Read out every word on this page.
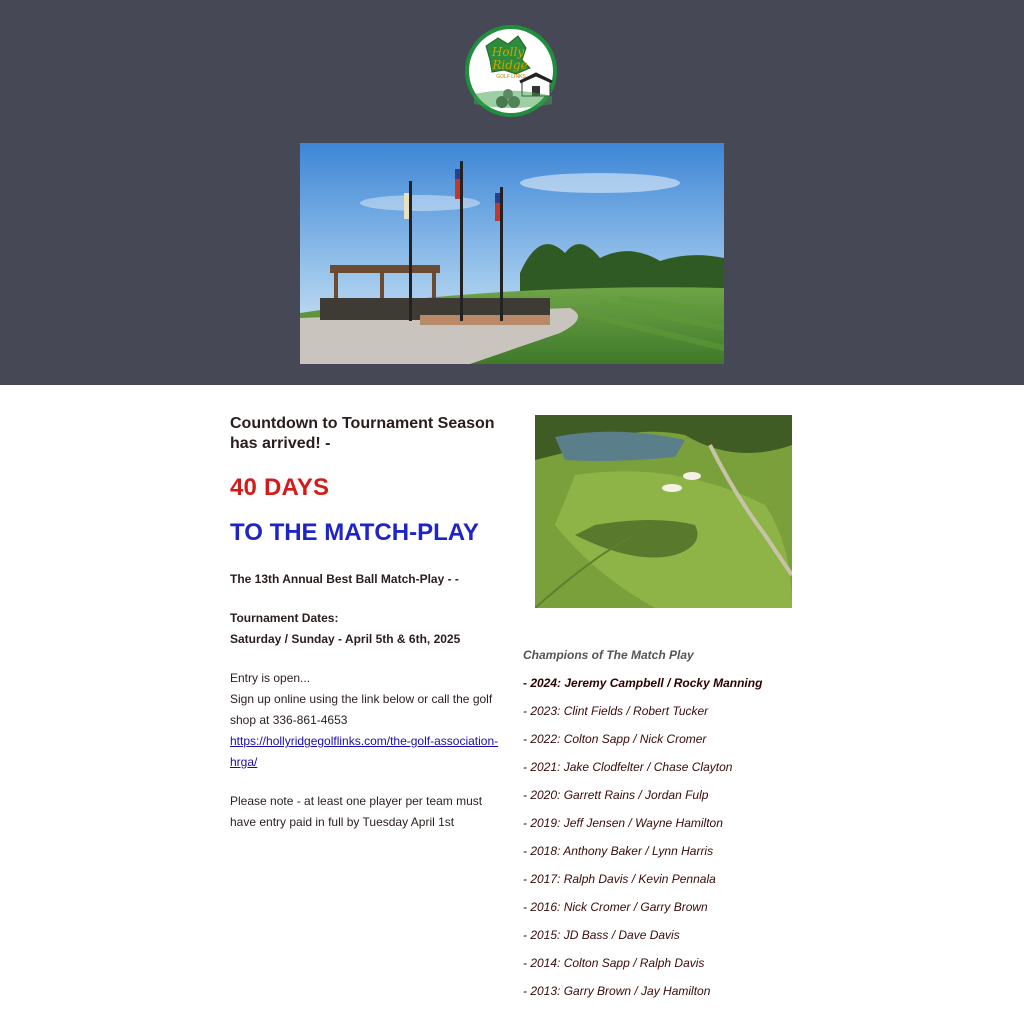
Holly
Ridge
GOLF LINKS

Countdown to Tournament Season has arrived! -

40 DAYS

TO THE MATCH-PLAY

The 13th Annual Best Ball Match-Play - -

Tournament Dates:

Saturday / Sunday - April 5th & 6th, 2025

Entry is open...

Sign up online using the link below or call the golf shop at 336-861-4653

https://hollyridgegolflinks.com/the-golf-association-hrga/

Please note - at least one player per team must have entry paid in full by Tuesday April 1st

Champions of The Match Play

- 2024: Jeremy Campbell / Rocky Manning

- 2023: Clint Fields / Robert Tucker

- 2022: Colton Sapp / Nick Cromer

- 2021: Jake Clodfelter / Chase Clayton

- 2020: Garrett Rains / Jordan Fulp

- 2019: Jeff Jensen / Wayne Hamilton

- 2018: Anthony Baker / Lynn Harris

- 2017: Ralph Davis / Kevin Pennala

- 2016: Nick Cromer / Garry Brown

- 2015: JD Bass / Dave Davis

- 2014: Colton Sapp / Ralph Davis

- 2013: Garry Brown / Jay Hamilton
